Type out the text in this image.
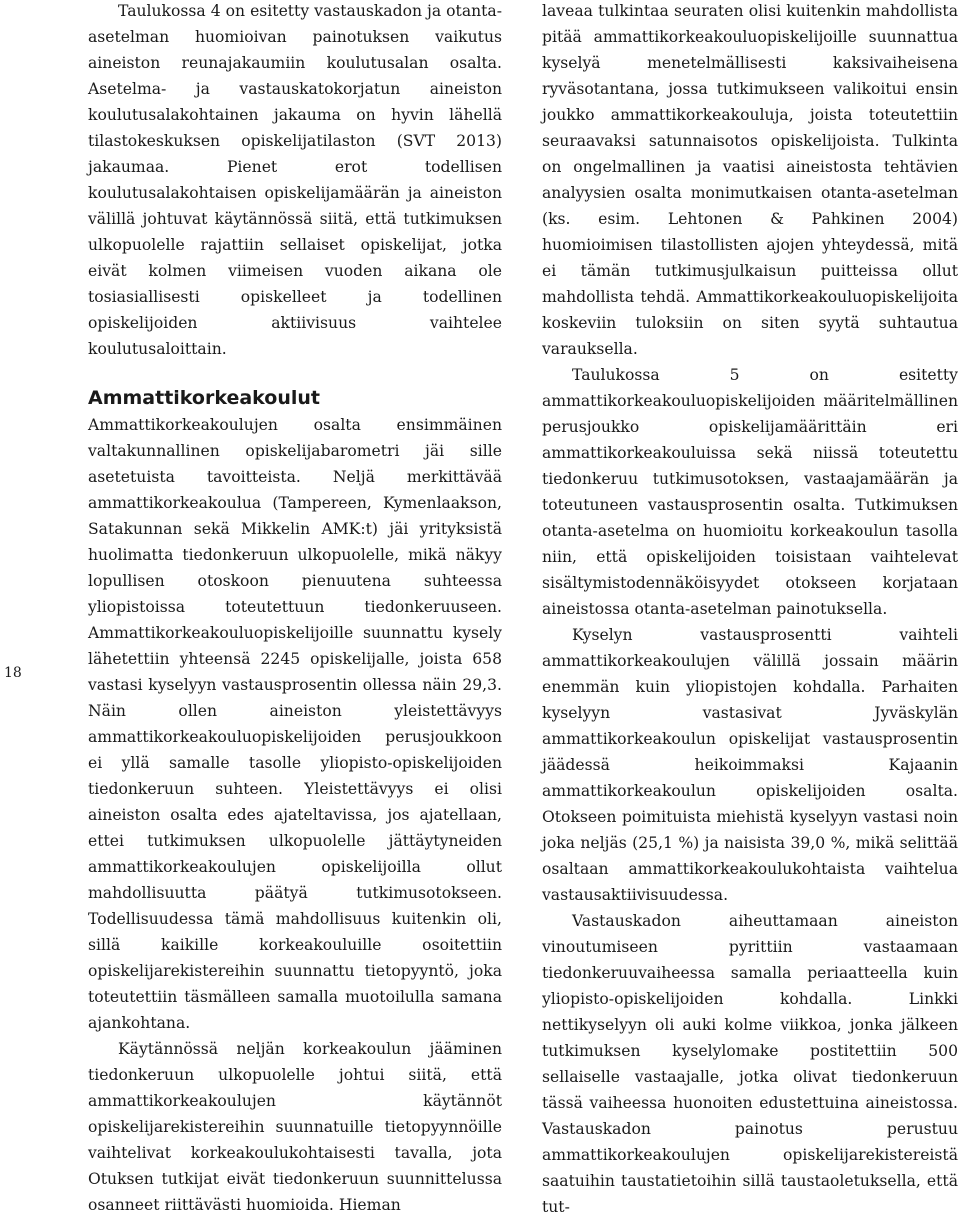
18

Taulukossa 4 on esitetty vastauskadon ja otanta-asetelman huomioivan painotuksen vaikutus aineiston reunajakaumiin koulutusalan osalta. Asetelma- ja vastauskatokorjatun aineiston koulutusalakohtainen jakauma on hyvin lähellä tilastokeskuksen opiskelijatilaston (SVT 2013) jakaumaa. Pienet erot todellisen koulutusalakohtaisen opiskelijamäärän ja aineiston välillä johtuvat käytännössä siitä, että tutkimuksen ulkopuolelle rajattiin sellaiset opiskelijat, jotka eivät kolmen viimeisen vuoden aikana ole tosiasiallisesti opiskelleet ja todellinen opiskelijoiden aktiivisuus vaihtelee koulutusaloittain.

Ammattikorkeakoulut

Ammattikorkeakoulujen osalta ensimmäinen valtakunnallinen opiskelijabarometri jäi sille asetetuista tavoitteista. Neljä merkittävää ammattikorkeakoulua (Tampereen, Kymenlaakson, Satakunnan sekä Mikkelin AMK:t) jäi yrityksistä huolimatta tiedonkeruun ulkopuolelle, mikä näkyy lopullisen otoskoon pienuutena suhteessa yliopistoissa toteutettuun tiedonkeruuseen. Ammattikorkeakouluopiskelijoille suunnattu kysely lähetettiin yhteensä 2245 opiskelijalle, joista 658 vastasi kyselyyn vastausprosentin ollessa näin 29,3. Näin ollen aineiston yleistettävyys ammattikorkeakouluopiskelijoiden perusjoukkoon ei yllä samalle tasolle yliopisto-opiskelijoiden tiedonkeruun suhteen. Yleistettävyys ei olisi aineiston osalta edes ajateltavissa, jos ajatellaan, ettei tutkimuksen ulkopuolelle jättäytyneiden ammattikorkeakoulujen opiskelijoilla ollut mahdollisuutta päätyä tutkimusotokseen. Todellisuudessa tämä mahdollisuus kuitenkin oli, sillä kaikille korkeakouluille osoitettiin opiskelijarekistereihin suunnattu tietopyyntö, joka toteutettiin täsmälleen samalla muotoilulla samana ajankohtana.

Käytännössä neljän korkeakoulun jääminen tiedonkeruun ulkopuolelle johtui siitä, että ammattikorkeakoulujen käytännöt opiskelijarekistereihin suunnatuille tietopyynnöille vaihtelivat korkeakoulukohtaisesti tavalla, jota Otuksen tutkijat eivät tiedonkeruun suunnittelussa osanneet riittävästi huomioida. Hieman

laveaa tulkintaa seuraten olisi kuitenkin mahdollista pitää ammattikorkeakouluopiskelijoille suunnattua kyselyä menetelmällisesti kaksivaiheisena ryväsotantana, jossa tutkimukseen valikoitui ensin joukko ammattikorkeakouluja, joista toteutettiin seuraavaksi satunnaisotos opiskelijoista. Tulkinta on ongelmallinen ja vaatisi aineistosta tehtävien analyysien osalta monimutkaisen otanta-asetelman (ks. esim. Lehtonen & Pahkinen 2004) huomioimisen tilastollisten ajojen yhteydessä, mitä ei tämän tutkimusjulkaisun puitteissa ollut mahdollista tehdä. Ammattikorkeakouluopiskelijoita koskeviin tuloksiin on siten syytä suhtautua varauksella.

Taulukossa 5 on esitetty ammattikorkeakouluopiskelijoiden määritelmällinen perusjoukko opiskelijamäärittäin eri ammattikorkeakouluissa sekä niissä toteutettu tiedonkeruu tutkimusotoksen, vastaajamäärän ja toteutuneen vastausprosentin osalta. Tutkimuksen otanta-asetelma on huomioitu korkeakoulun tasolla niin, että opiskelijoiden toisistaan vaihtelevat sisältymistodennäköisyydet otokseen korjataan aineistossa otanta-asetelman painotuksella.

Kyselyn vastausprosentti vaihteli ammattikorkeakoulujen välillä jossain määrin enemmän kuin yliopistojen kohdalla. Parhaiten kyselyyn vastasivat Jyväskylän ammattikorkeakoulun opiskelijat vastausprosentin jäädessä heikoimmaksi Kajaanin ammattikorkeakoulun opiskelijoiden osalta. Otokseen poimituista miehistä kyselyyn vastasi noin joka neljäs (25,1 %) ja naisista 39,0 %, mikä selittää osaltaan ammattikorkeakoulukohtaista vaihtelua vastausaktiivisuudessa.

Vastauskadon aiheuttamaan aineiston vinoutumiseen pyrittiin vastaamaan tiedonkeruuvaiheessa samalla periaatteella kuin yliopisto-opiskelijoiden kohdalla. Linkki nettikyselyyn oli auki kolme viikkoa, jonka jälkeen tutkimuksen kyselylomake postitettiin 500 sellaiselle vastaajalle, jotka olivat tiedonkeruun tässä vaiheessa huonoiten edustettuina aineistossa. Vastauskadon painotus perustuu ammattikorkeakoulujen opiskelijarekistereistä saatuihin taustatietoihin sillä taustaoletuksella, että tut-
